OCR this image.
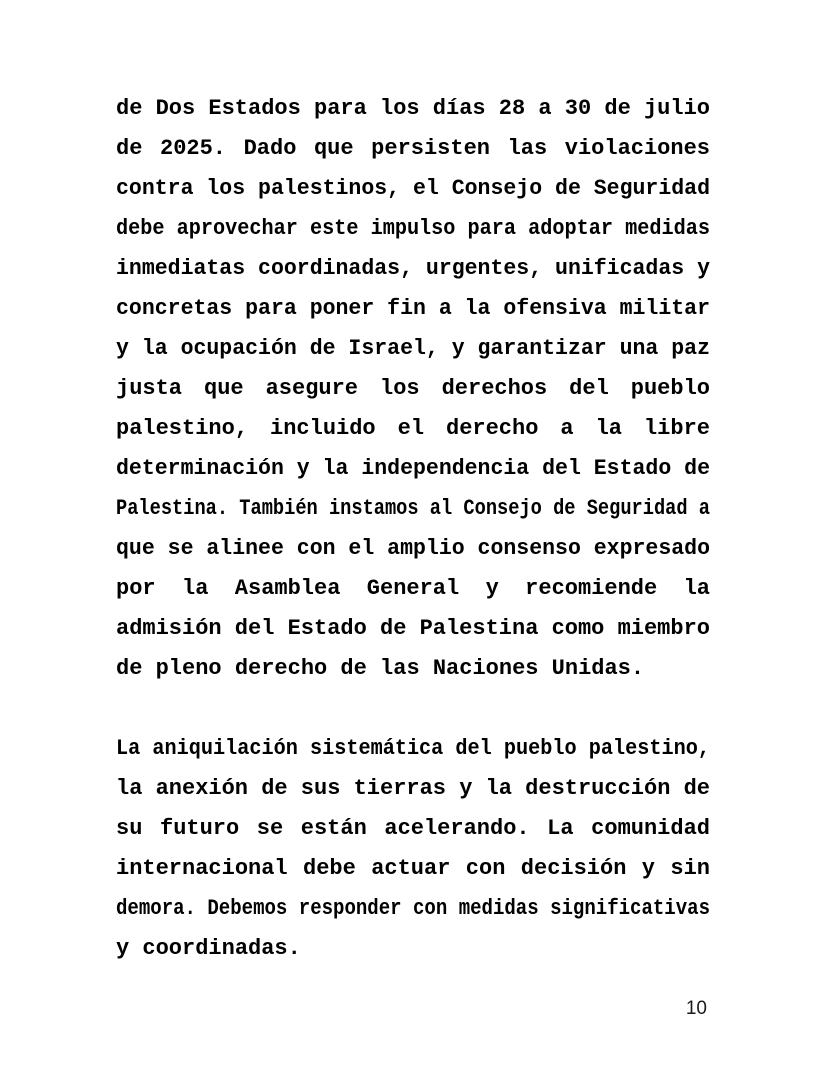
de Dos Estados para los días 28 a 30 de julio
de 2025. Dado que persisten las violaciones
contra los palestinos, el Consejo de Seguridad
debe aprovechar este impulso para adoptar medidas
inmediatas coordinadas, urgentes, unificadas y
concretas para poner fin a la ofensiva militar
y la ocupación de Israel, y garantizar una paz
justa que asegure los derechos del pueblo
palestino, incluido el derecho a la libre
determinación y la independencia del Estado de
Palestina. También instamos al Consejo de Seguridad a
que se alinee con el amplio consenso expresado
por la Asamblea General y recomiende la
admisión del Estado de Palestina como miembro
de pleno derecho de las Naciones Unidas.
La aniquilación sistemática del pueblo palestino,
la anexión de sus tierras y la destrucción de
su futuro se están acelerando. La comunidad
internacional debe actuar con decisión y sin
demora. Debemos responder con medidas significativas
y coordinadas.
10
